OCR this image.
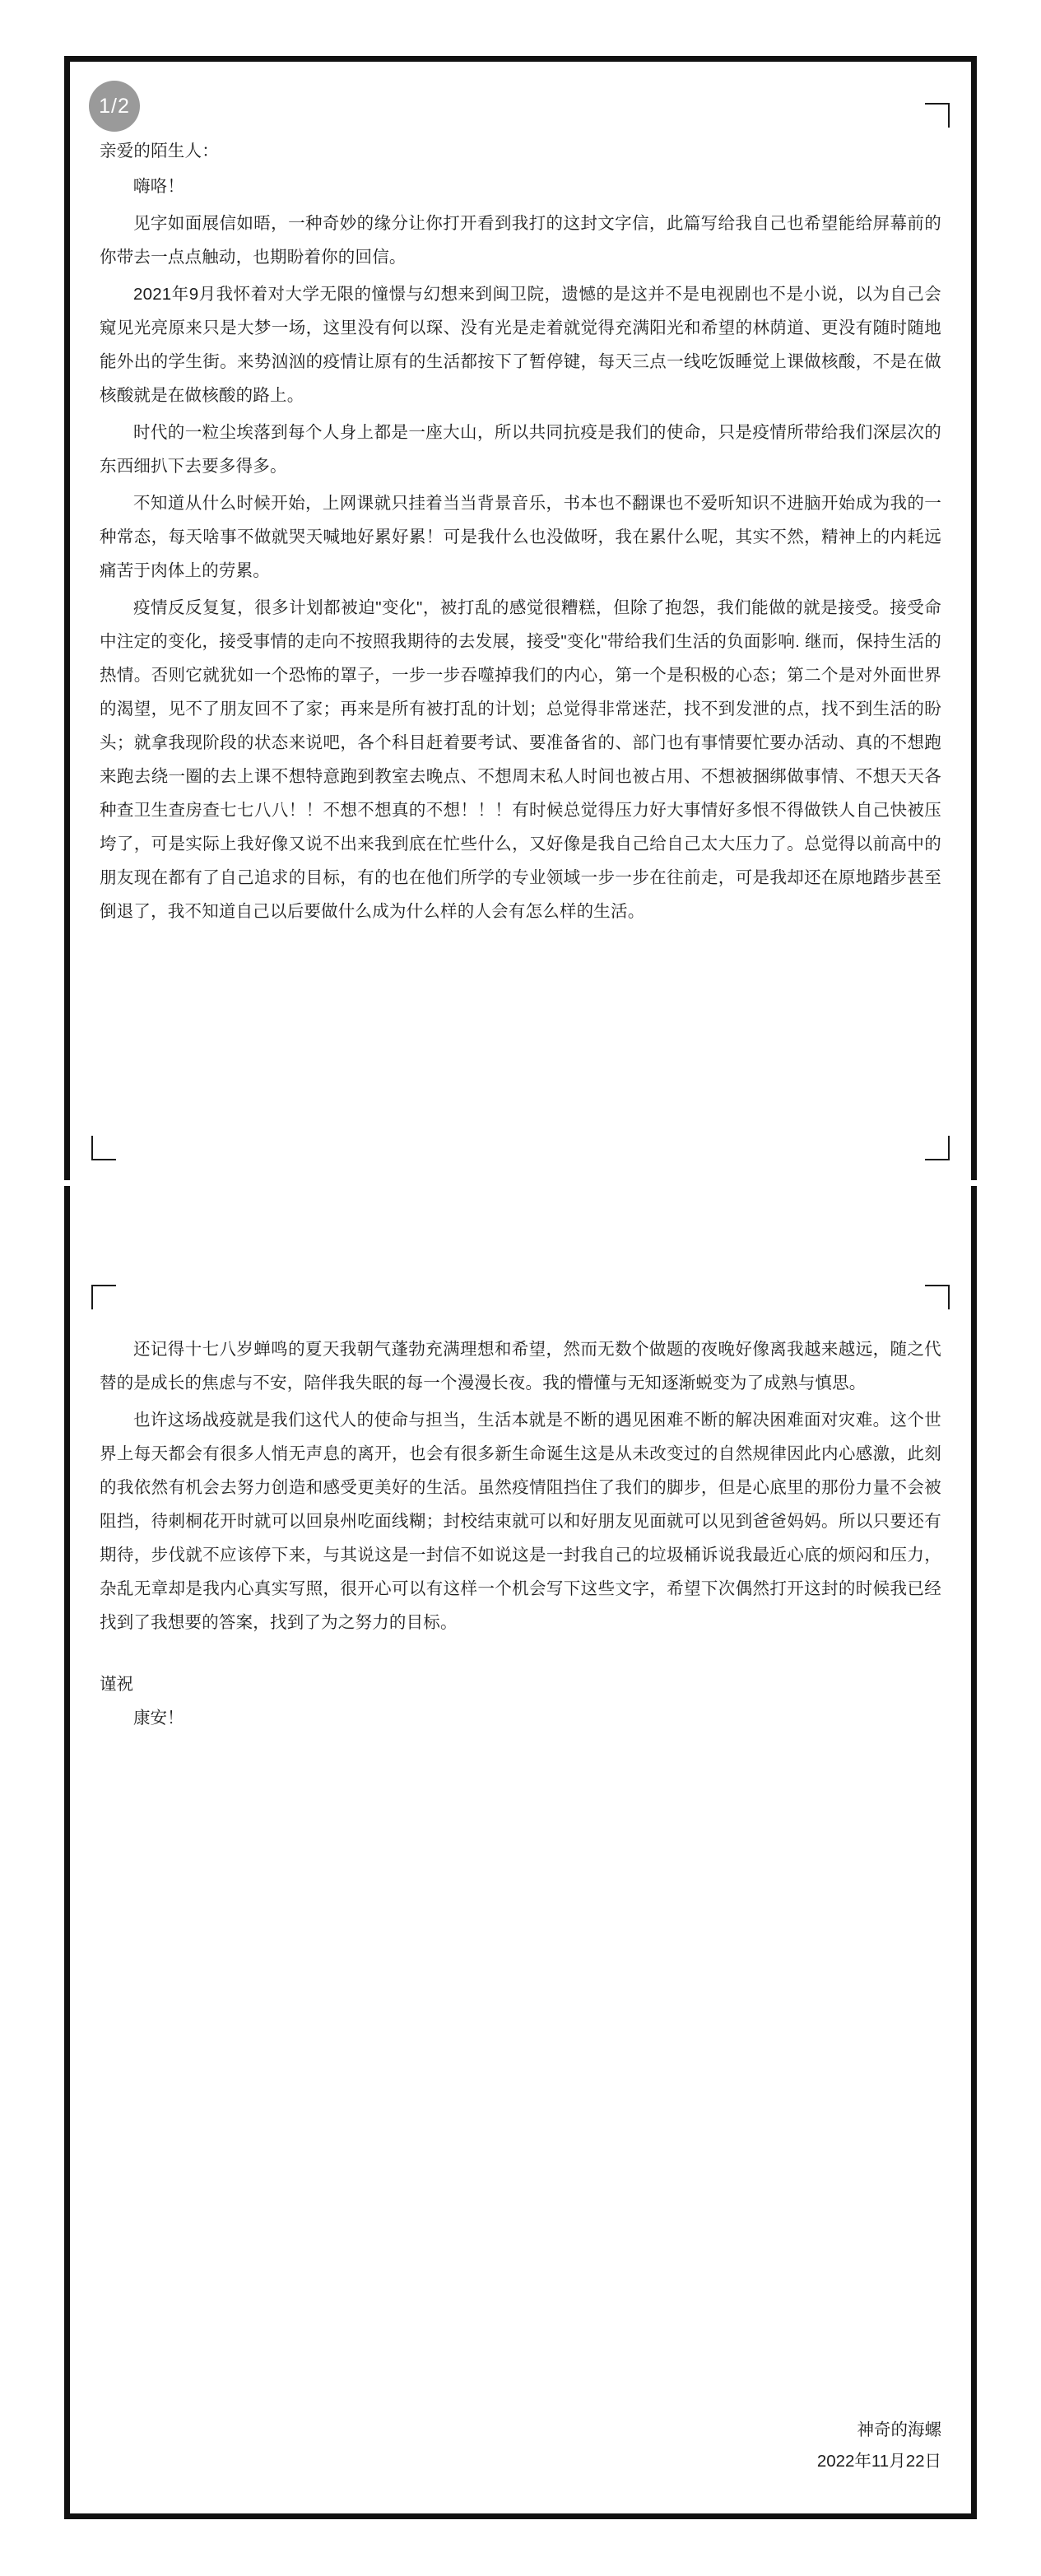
1/2

亲爱的陌生人：

嗨咯！

见字如面展信如晤，一种奇妙的缘分让你打开看到我打的这封文字信，此篇写给我自己也希望能给屏幕前的你带去一点点触动，也期盼着你的回信。

2021年9月我怀着对大学无限的憧憬与幻想来到闽卫院，遗憾的是这并不是电视剧也不是小说，以为自己会窥见光亮原来只是大梦一场，这里没有何以琛、没有光是走着就觉得充满阳光和希望的林荫道、更没有随时随地能外出的学生街。来势汹汹的疫情让原有的生活都按下了暂停键，每天三点一线吃饭睡觉上课做核酸，不是在做核酸就是在做核酸的路上。

时代的一粒尘埃落到每个人身上都是一座大山，所以共同抗疫是我们的使命，只是疫情所带给我们深层次的东西细扒下去要多得多。

不知道从什么时候开始，上网课就只挂着当当背景音乐，书本也不翻课也不爱听知识不进脑开始成为我的一种常态，每天啥事不做就哭天喊地好累好累！可是我什么也没做呀，我在累什么呢，其实不然，精神上的内耗远痛苦于肉体上的劳累。

疫情反反复复，很多计划都被迫"变化"，被打乱的感觉很糟糕，但除了抱怨，我们能做的就是接受。接受命中注定的变化，接受事情的走向不按照我期待的去发展，接受"变化"带给我们生活的负面影响. 继而，保持生活的热情。否则它就犹如一个恐怖的罩子，一步一步吞噬掉我们的内心，第一个是积极的心态；第二个是对外面世界的渴望，见不了朋友回不了家；再来是所有被打乱的计划；总觉得非常迷茫，找不到发泄的点，找不到生活的盼头；就拿我现阶段的状态来说吧，各个科目赶着要考试、要准备省的、部门也有事情要忙要办活动、真的不想跑来跑去绕一圈的去上课不想特意跑到教室去晚点、不想周末私人时间也被占用、不想被捆绑做事情、不想天天各种查卫生查房查七七八八！！不想不想真的不想！！！有时候总觉得压力好大事情好多恨不得做铁人自己快被压垮了，可是实际上我好像又说不出来我到底在忙些什么，又好像是我自己给自己太大压力了。总觉得以前高中的朋友现在都有了自己追求的目标，有的也在他们所学的专业领域一步一步在往前走，可是我却还在原地踏步甚至倒退了，我不知道自己以后要做什么成为什么样的人会有怎么样的生活。

还记得十七八岁蝉鸣的夏天我朝气蓬勃充满理想和希望，然而无数个做题的夜晚好像离我越来越远，随之代替的是成长的焦虑与不安，陪伴我失眠的每一个漫漫长夜。我的懵懂与无知逐渐蜕变为了成熟与慎思。

也许这场战疫就是我们这代人的使命与担当，生活本就是不断的遇见困难不断的解决困难面对灾难。这个世界上每天都会有很多人悄无声息的离开，也会有很多新生命诞生这是从未改变过的自然规律因此内心感激，此刻的我依然有机会去努力创造和感受更美好的生活。虽然疫情阻挡住了我们的脚步，但是心底里的那份力量不会被阻挡，待刺桐花开时就可以回泉州吃面线糊；封校结束就可以和好朋友见面就可以见到爸爸妈妈。所以只要还有期待，步伐就不应该停下来，与其说这是一封信不如说这是一封我自己的垃圾桶诉说我最近心底的烦闷和压力，杂乱无章却是我内心真实写照，很开心可以有这样一个机会写下这些文字，希望下次偶然打开这封的时候我已经找到了我想要的答案，找到了为之努力的目标。

谨祝

康安！

神奇的海螺

2022年11月22日
